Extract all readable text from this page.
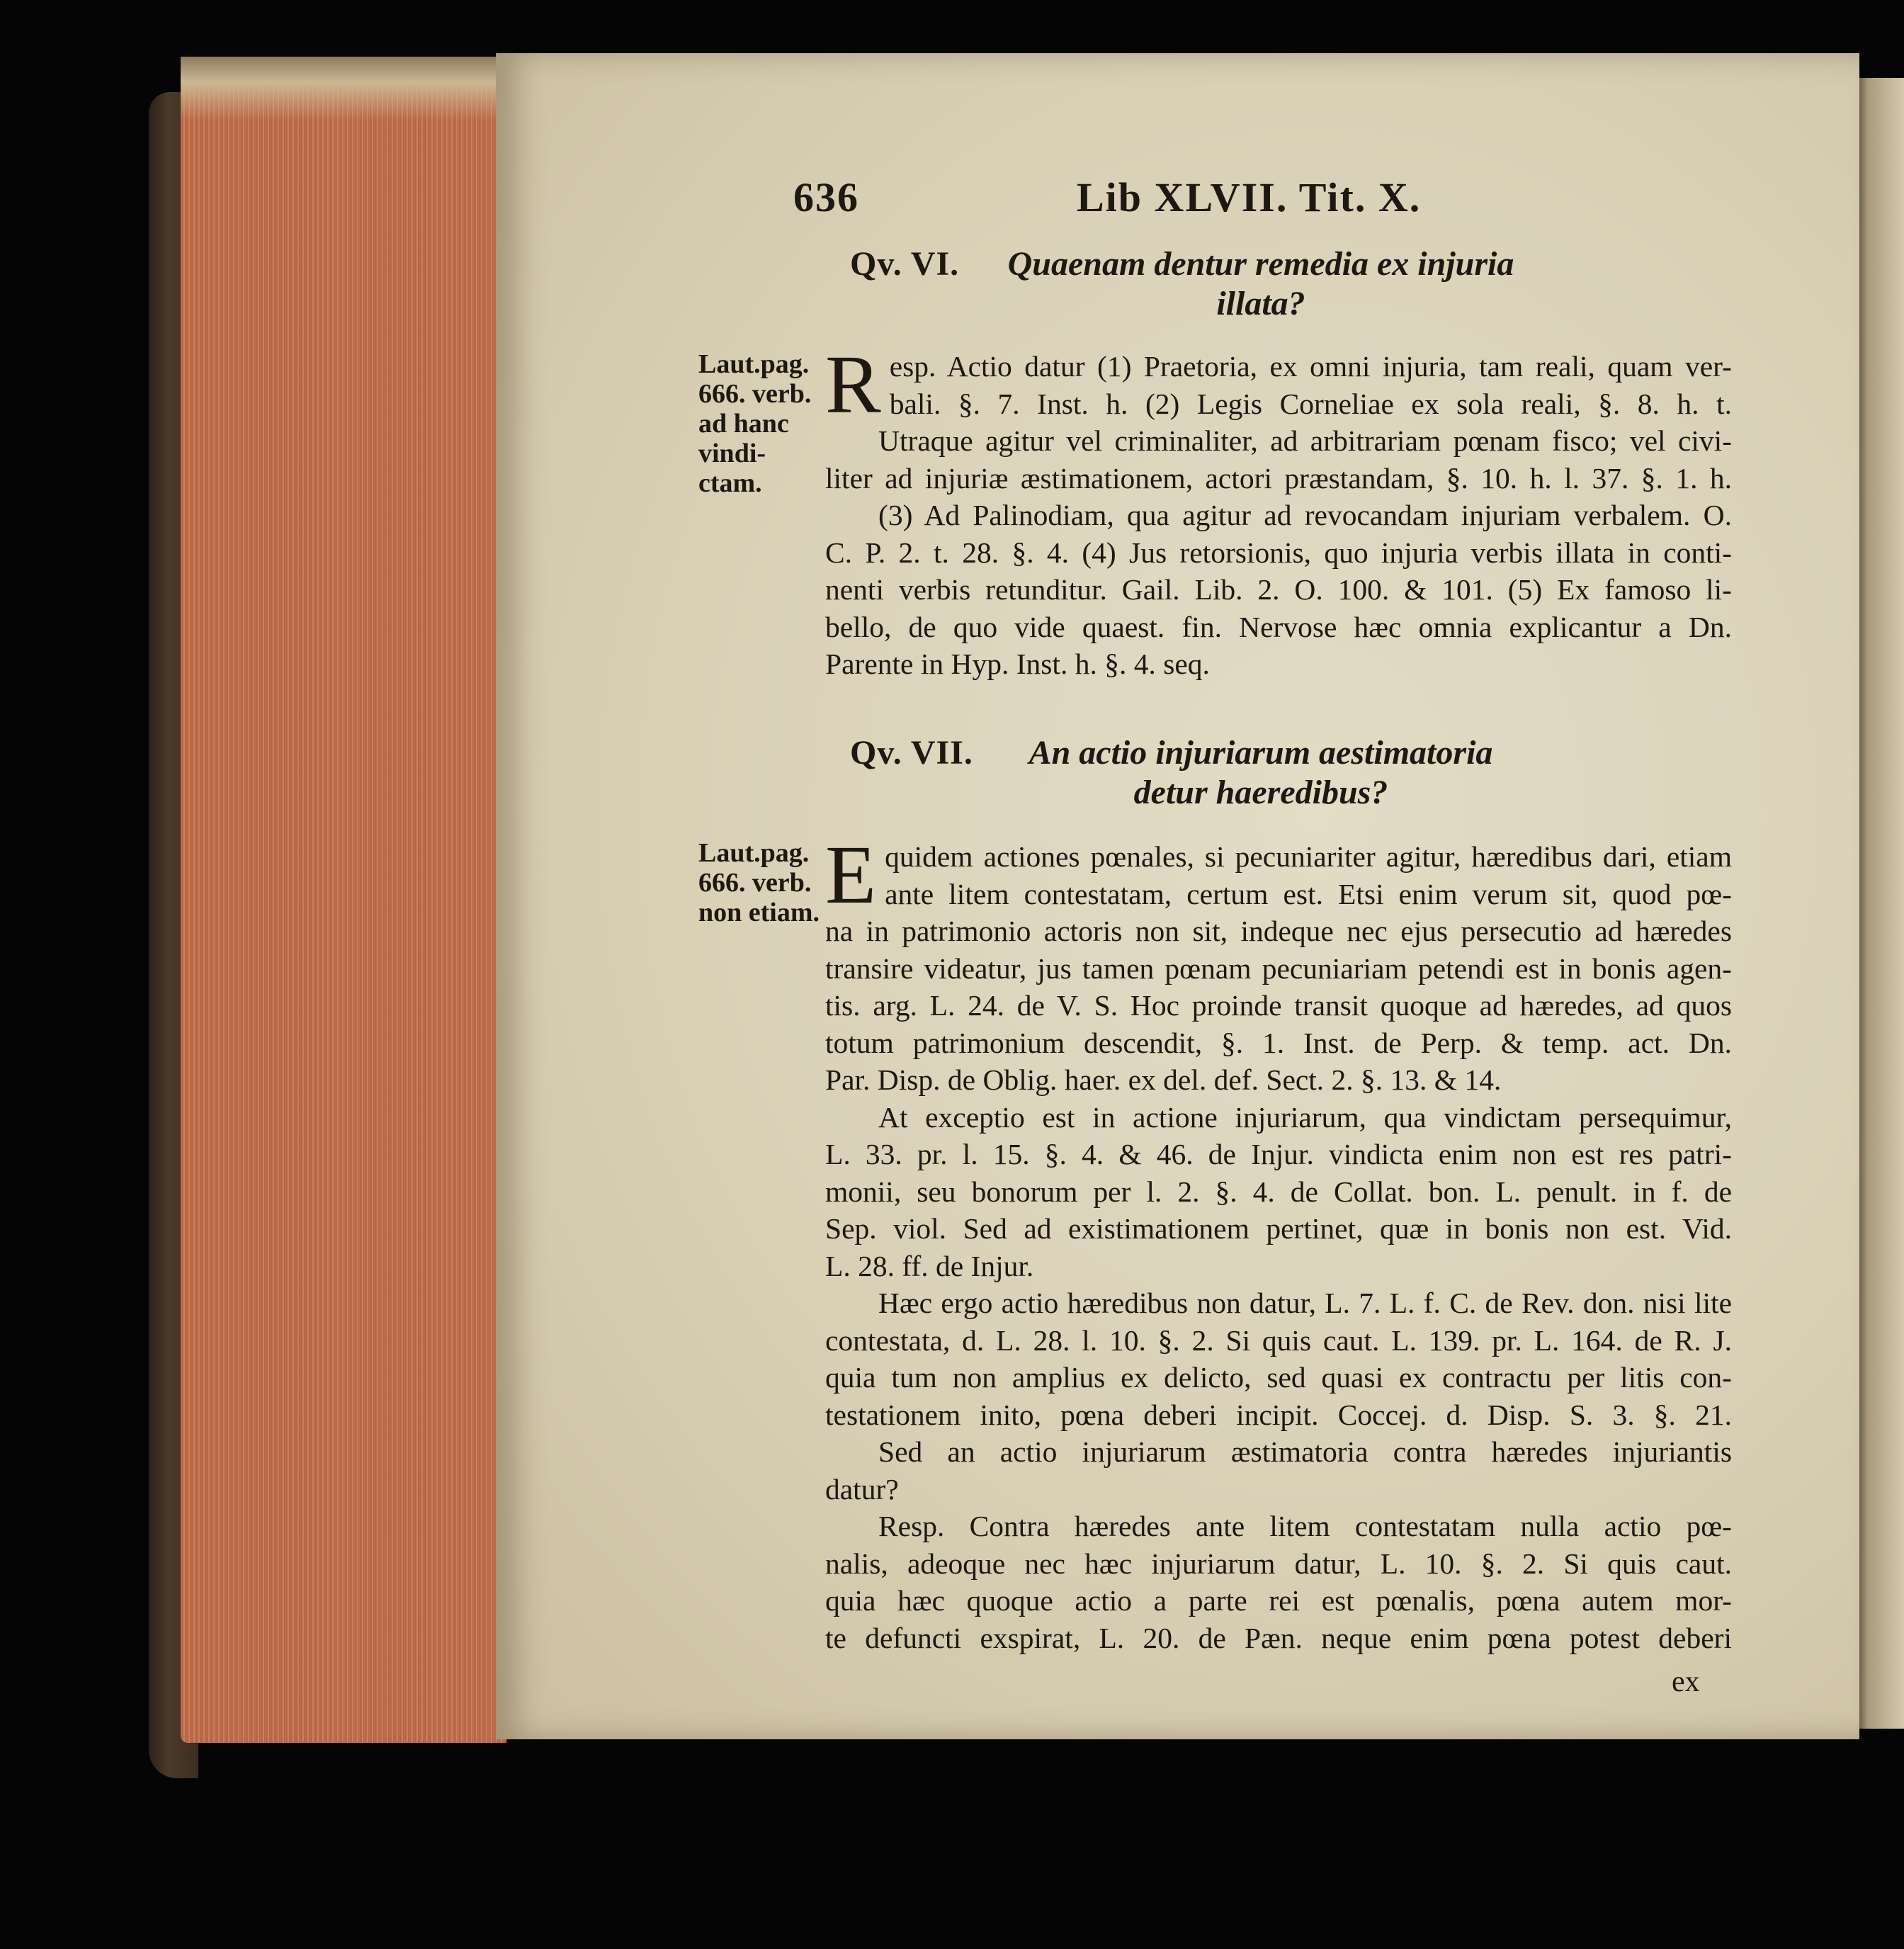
636	Lib XLVII. Tit. X.
Qv. VI. Quaenam dentur remedia ex injuria illata?
Laut.pag.
666. verb.
ad hanc
vindi-
ctam.
R esp. Actio datur (1) Praetoria, ex omni injuria, tam reali, quam ver-
bali. §. 7. Inst. h. (2) Legis Corneliae ex sola reali, §. 8. h. t.
Utraque agitur vel criminaliter, ad arbitrariam pœnam fisco; vel civi-
liter ad injuriæ æstimationem, actori præstandam, §. 10. h. l. 37. §. 1. h.
(3) Ad Palinodiam, qua agitur ad revocandam injuriam verbalem. O.
C. P. 2. t. 28. §. 4. (4) Jus retorsionis, quo injuria verbis illata in conti-
nenti verbis retunditur. Gail. Lib. 2. O. 100. & 101. (5) Ex famoso li-
bello, de quo vide quaest. fin. Nervose hæc omnia explicantur a Dn.
Parente in Hyp. Inst. h. §. 4. seq.
Qv. VII.	An actio injuriarum aestimatoria detur haeredibus?
Laut.pag.
666. verb.
non etiam. E quidem actiones pœnales, si pecuniariter agitur, hæredibus dari, etiam
ante litem contestatam, certum est. Etsi enim verum sit, quod pœ-
na in patrimonio actoris non sit, indeque nec ejus persecutio ad hæredes
transire videatur, jus tamen pœnam pecuniariam petendi est in bonis agen-
tis. arg. L. 24. de V. S. Hoc proinde transit quoque ad hæredes, ad quos
totum patrimonium descendit, §. 1. Inst. de Perp. & temp. act. Dn.
Par. Disp. de Oblig. haer. ex del. def. Sect. 2. §. 13. & 14.
At exceptio est in actione injuriarum, qua vindictam persequimur,
L. 33. pr. l. 15. §. 4. & 46. de Injur. vindicta enim non est res patri-
monii, seu bonorum per l. 2. §. 4. de Collat. bon. L. penult. in f. de
Sep. viol. Sed ad existimationem pertinet, quæ in bonis non est. Vid.
L. 28. ff. de Injur.
Hæc ergo actio hæredibus non datur, L. 7. L. f. C. de Rev. don. nisi lite
contestata, d. L. 28. l. 10. §. 2. Si quis caut. L. 139. pr. L. 164. de R. J.
quia tum non amplius ex delicto, sed quasi ex contractu per litis con-
testationem inito, pœna deberi incipit. Coccej. d. Disp. S. 3. §. 21.
Sed an actio injuriarum æstimatoria contra hæredes injuriantis
datur?
Resp. Contra hæredes ante litem contestatam nulla actio pœ-
nalis, adeoque nec hæc injuriarum datur, L. 10. §. 2. Si quis caut.
quia hæc quoque actio a parte rei est pœnalis, pœna autem mor-
te defuncti exspirat, L. 20. de Pæn. neque enim pœna potest deberi
ex
